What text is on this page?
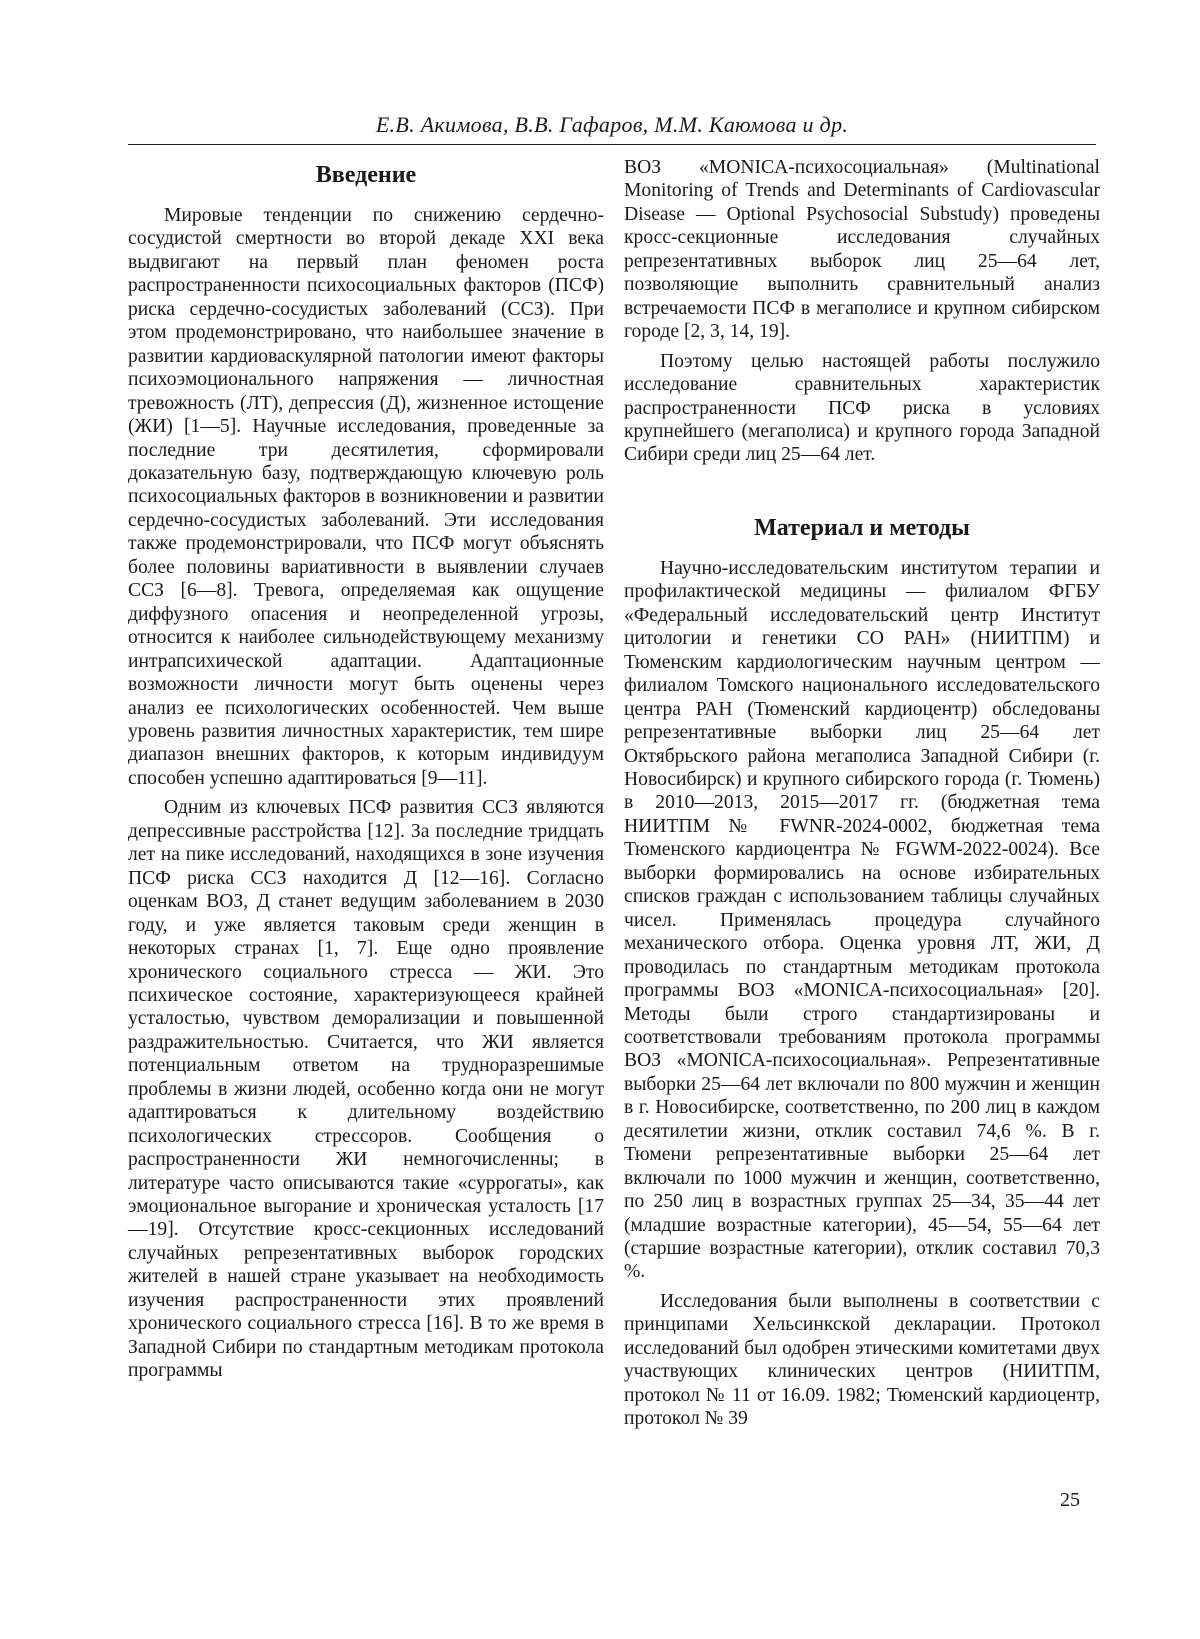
Е.В. Акимова, В.В. Гафаров, М.М. Каюмова и др.
Введение

Мировые тенденции по снижению сердечно-сосудистой смертности во второй декаде XXI века выдвигают на первый план феномен роста распространенности психосоциальных факторов (ПСФ) риска сердечно-сосудистых заболеваний (ССЗ). При этом продемонстрировано, что наибольшее значение в развитии кардиоваскулярной патологии имеют факторы психоэмоционального напряжения — личностная тревожность (ЛТ), депрессия (Д), жизненное истощение (ЖИ) [1—5]. Научные исследования, проведенные за последние три десятилетия, сформировали доказательную базу, подтверждающую ключевую роль психосоциальных факторов в возникновении и развитии сердечно-сосудистых заболеваний. Эти исследования также продемонстрировали, что ПСФ могут объяснять более половины вариативности в выявлении случаев ССЗ [6—8]. Тревога, определяемая как ощущение диффузного опасения и неопределенной угрозы, относится к наиболее сильнодействующему механизму интрапсихической адаптации. Адаптационные возможности личности могут быть оценены через анализ ее психологических особенностей. Чем выше уровень развития личностных характеристик, тем шире диапазон внешних факторов, к которым индивидуум способен успешно адаптироваться [9—11].

Одним из ключевых ПСФ развития ССЗ являются депрессивные расстройства [12]. За последние тридцать лет на пике исследований, находящихся в зоне изучения ПСФ риска ССЗ находится Д [12—16]. Согласно оценкам ВОЗ, Д станет ведущим заболеванием в 2030 году, и уже является таковым среди женщин в некоторых странах [1, 7]. Еще одно проявление хронического социального стресса — ЖИ. Это психическое состояние, характеризующееся крайней усталостью, чувством деморализации и повышенной раздражительностью. Считается, что ЖИ является потенциальным ответом на трудноразрешимые проблемы в жизни людей, особенно когда они не могут адаптироваться к длительному воздействию психологических стрессоров. Сообщения о распространенности ЖИ немногочисленны; в литературе часто описываются такие «суррогаты», как эмоциональное выгорание и хроническая усталость [17—19]. Отсутствие кросс-секционных исследований случайных репрезентативных выборок городских жителей в нашей стране указывает на необходимость изучения распространенности этих проявлений хронического социального стресса [16]. В то же время в Западной Сибири по стандартным методикам протокола программы

ВОЗ «MONICA-психосоциальная» (Multinational Monitoring of Trends and Determinants of Cardiovascular Disease — Optional Psychosocial Substudy) проведены кросс-секционные исследования случайных репрезентативных выборок лиц 25—64 лет, позволяющие выполнить сравнительный анализ встречаемости ПСФ в мегаполисе и крупном сибирском городе [2, 3, 14, 19].

Поэтому целью настоящей работы послужило исследование сравнительных характеристик распространенности ПСФ риска в условиях крупнейшего (мегаполиса) и крупного города Западной Сибири среди лиц 25—64 лет.

Материал и методы

Научно-исследовательским институтом терапии и профилактической медицины — филиалом ФГБУ «Федеральный исследовательский центр Институт цитологии и генетики СО РАН» (НИИТПМ) и Тюменским кардиологическим научным центром — филиалом Томского национального исследовательского центра РАН (Тюменский кардиоцентр) обследованы репрезентативные выборки лиц 25—64 лет Октябрьского района мегаполиса Западной Сибири (г. Новосибирск) и крупного сибирского города (г. Тюмень) в 2010—2013, 2015—2017 гг. (бюджетная тема НИИТПМ № FWNR-2024-0002, бюджетная тема Тюменского кардиоцентра № FGWM-2022-0024). Все выборки формировались на основе избирательных списков граждан с использованием таблицы случайных чисел. Применялась процедура случайного механического отбора. Оценка уровня ЛТ, ЖИ, Д проводилась по стандартным методикам протокола программы ВОЗ «MONICA-психосоциальная» [20]. Методы были строго стандартизированы и соответствовали требованиям протокола программы ВОЗ «MONICA-психосоциальная». Репрезентативные выборки 25—64 лет включали по 800 мужчин и женщин в г. Новосибирске, соответственно, по 200 лиц в каждом десятилетии жизни, отклик составил 74,6 %. В г. Тюмени репрезентативные выборки 25—64 лет включали по 1000 мужчин и женщин, соответственно, по 250 лиц в возрастных группах 25—34, 35—44 лет (младшие возрастные категории), 45—54, 55—64 лет (старшие возрастные категории), отклик составил 70,3 %.

Исследования были выполнены в соответствии с принципами Хельсинкской декларации. Протокол исследований был одобрен этическими комитетами двух участвующих клинических центров (НИИТПМ, протокол № 11 от 16.09. 1982; Тюменский кардиоцентр, протокол № 39

25
